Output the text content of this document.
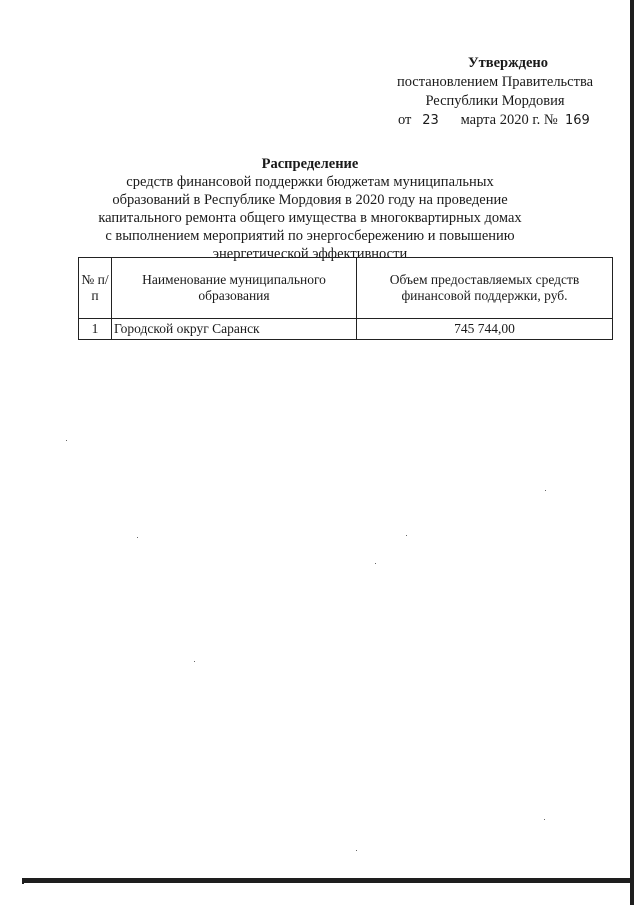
Утверждено
постановлением Правительства
Республики Мордовия
от 23 марта 2020 г. № 169
Распределение
средств финансовой поддержки бюджетам муниципальных образований в Республике Мордовия в 2020 году на проведение капитального ремонта общего имущества в многоквартирных домах с выполнением мероприятий по энергосбережению и повышению энергетической эффективности
№ п/п	Наименование муниципального образования	Объем предоставляемых средств финансовой поддержки, руб.
1	Городской округ Саранск	745 744,00
